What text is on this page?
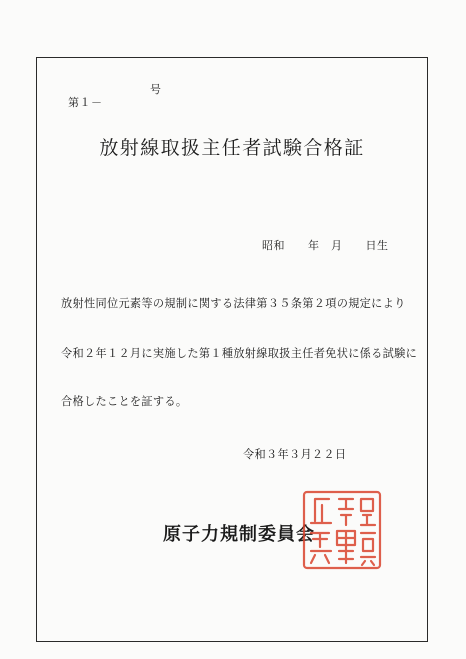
第１－

号

放射線取扱主任者試験合格証
昭和　　年　月　　日生
放射性同位元素等の規制に関する法律第３５条第２項の規定により
令和２年１２月に実施した第１種放射線取扱主任者免状に係る試験に
合格したことを証する。
令和３年３月２２日
原子力規制委員会
